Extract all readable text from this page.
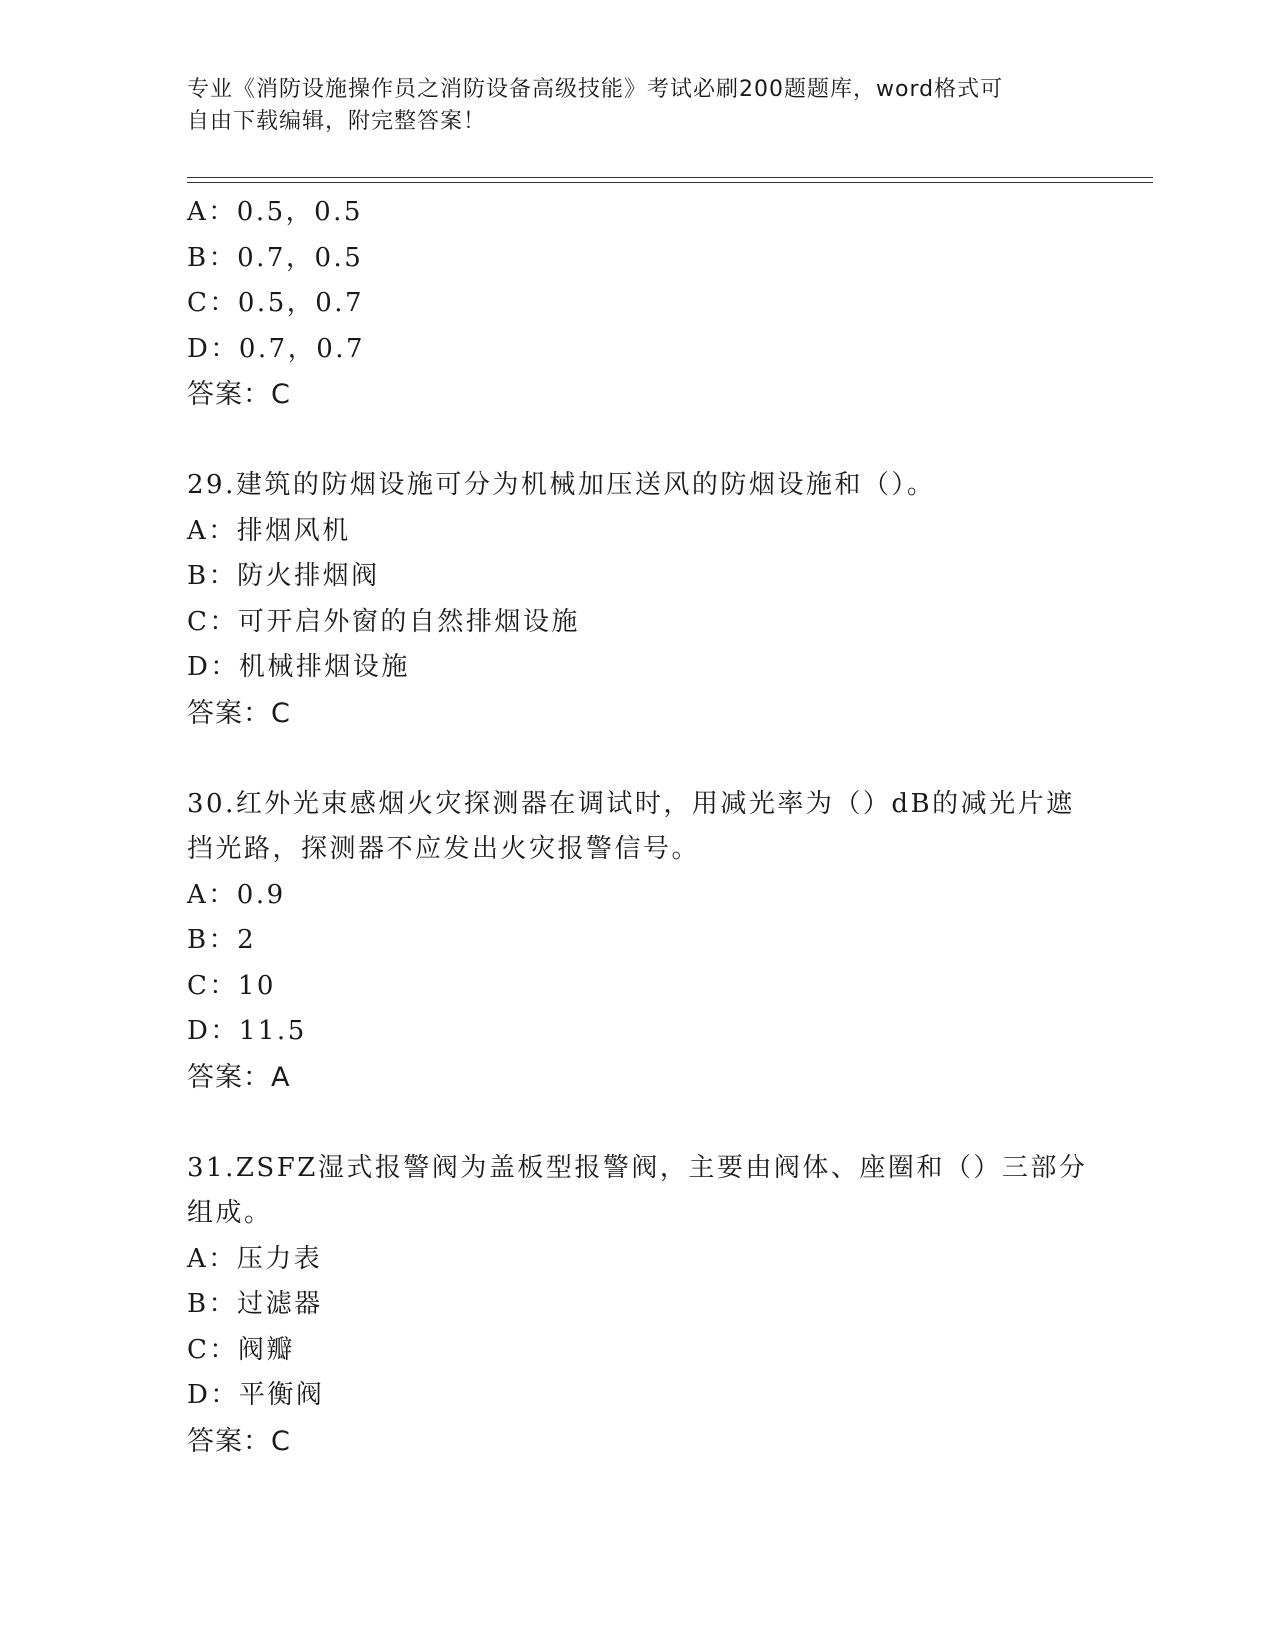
专业《消防设施操作员之消防设备高级技能》考试必刷200题题库，word格式可
自由下载编辑，附完整答案！
A：0.5，0.5
B：0.7，0.5
C：0.5，0.7
D：0.7，0.7
答案：C
29.建筑的防烟设施可分为机械加压送风的防烟设施和（）。
A：排烟风机
B：防火排烟阀
C：可开启外窗的自然排烟设施
D：机械排烟设施
答案：C
30.红外光束感烟火灾探测器在调试时，用减光率为（）dB的减光片遮
挡光路，探测器不应发出火灾报警信号。
A：0.9
B：2
C：10
D：11.5
答案：A
31.ZSFZ湿式报警阀为盖板型报警阀，主要由阀体、座圈和（）三部分
组成。
A：压力表
B：过滤器
C：阀瓣
D：平衡阀
答案：C
